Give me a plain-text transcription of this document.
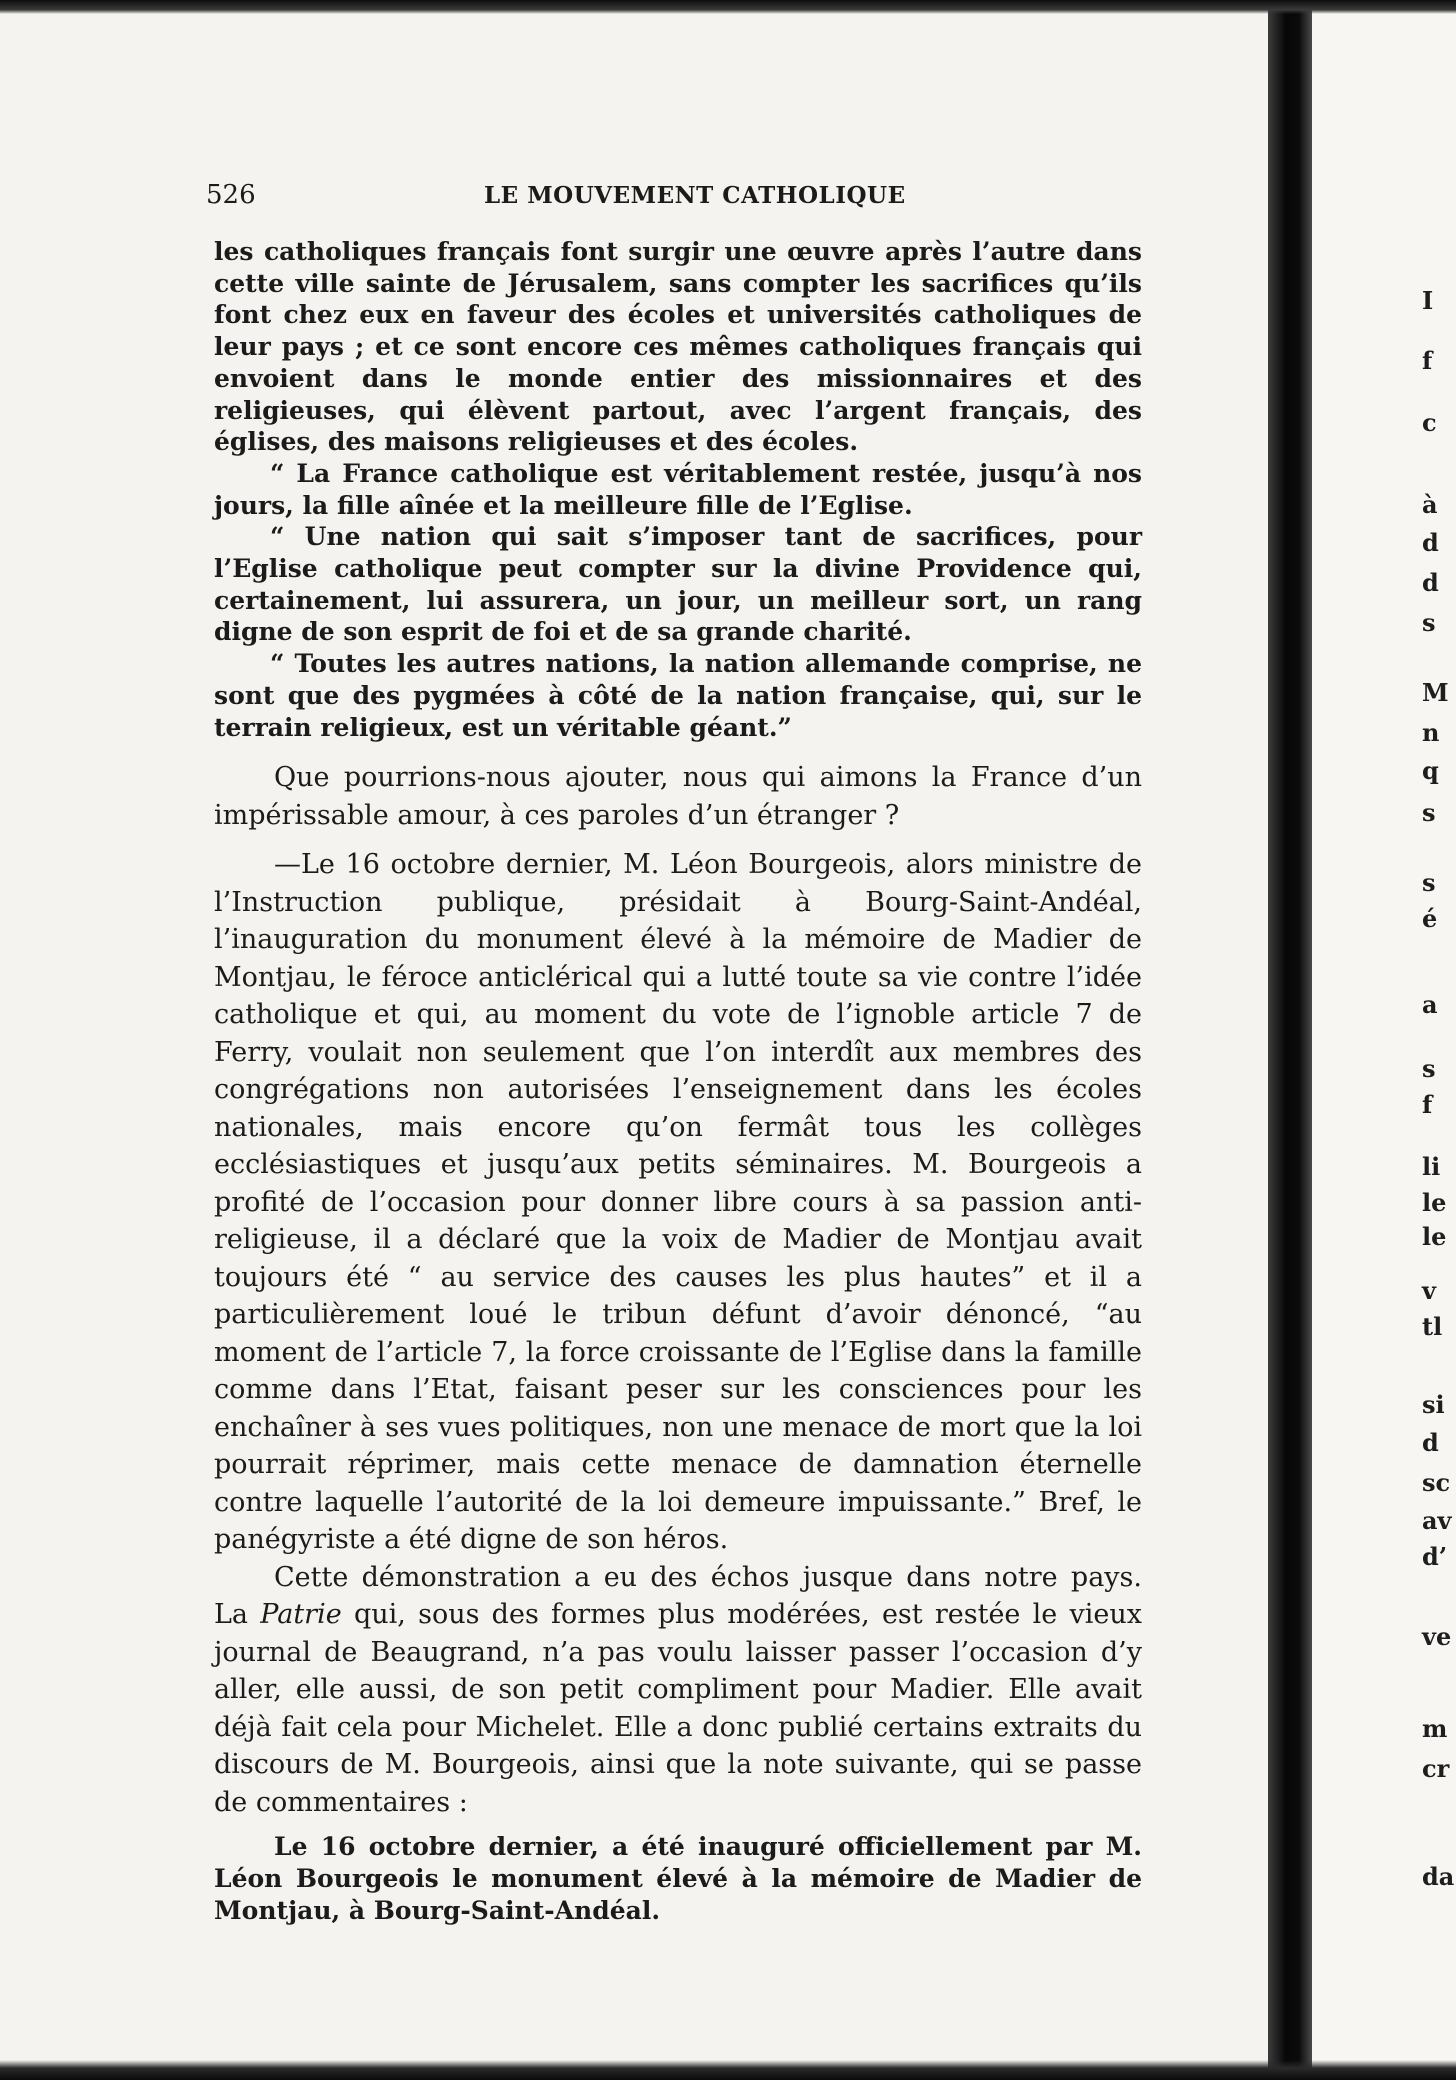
526	LE MOUVEMENT CATHOLIQUE

les catholiques français font surgir une œuvre après l’autre dans cette ville sainte de Jérusalem, sans compter les sacrifices qu’ils font chez eux en faveur des écoles et universités catholiques de leur pays ; et ce sont encore ces mêmes catholiques français qui envoient dans le monde entier des missionnaires et des religieuses, qui élèvent partout, avec l’argent français, des églises, des maisons religieuses et des écoles.

“ La France catholique est véritablement restée, jusqu’à nos jours, la fille aînée et la meilleure fille de l’Eglise.

“ Une nation qui sait s’imposer tant de sacrifices, pour l’Eglise catholique peut compter sur la divine Providence qui, certainement, lui assurera, un jour, un meilleur sort, un rang digne de son esprit de foi et de sa grande charité.

“ Toutes les autres nations, la nation allemande comprise, ne sont que des pygmées à côté de la nation française, qui, sur le terrain religieux, est un véritable géant.”

Que pourrions-nous ajouter, nous qui aimons la France d’un impérissable amour, à ces paroles d’un étranger ?

—Le 16 octobre dernier, M. Léon Bourgeois, alors ministre de l’Instruction publique, présidait à Bourg-Saint-Andéal, l’inauguration du monument élevé à la mémoire de Madier de Montjau, le féroce anticlérical qui a lutté toute sa vie contre l’idée catholique et qui, au moment du vote de l’ignoble article 7 de Ferry, voulait non seulement que l’on interdît aux membres des congrégations non autorisées l’enseignement dans les écoles nationales, mais encore qu’on fermât tous les collèges ecclésiastiques et jusqu’aux petits séminaires. M. Bourgeois a profité de l’occasion pour donner libre cours à sa passion anti-religieuse, il a déclaré que la voix de Madier de Montjau avait toujours été “ au service des causes les plus hautes” et il a particulièrement loué le tribun défunt d’avoir dénoncé, “au moment de l’article 7, la force croissante de l’Eglise dans la famille comme dans l’Etat, faisant peser sur les consciences pour les enchaîner à ses vues politiques, non une menace de mort que la loi pourrait réprimer, mais cette menace de damnation éternelle contre laquelle l’autorité de la loi demeure impuissante.” Bref, le panégyriste a été digne de son héros.

Cette démonstration a eu des échos jusque dans notre pays. La Patrie qui, sous des formes plus modérées, est restée le vieux journal de Beaugrand, n’a pas voulu laisser passer l’occasion d’y aller, elle aussi, de son petit compliment pour Madier. Elle avait déjà fait cela pour Michelet. Elle a donc publié certains extraits du discours de M. Bourgeois, ainsi que la note suivante, qui se passe de commentaires :

Le 16 octobre dernier, a été inauguré officiellement par M. Léon Bourgeois le monument élevé à la mémoire de Madier de Montjau, à Bourg-Saint-Andéal.

I
f
c
à
d
d
s
M
n
q
s
s
é
a
s
f
li
le
le
v
tl
si
d
sc
av
d’
ve
m
cr
da
